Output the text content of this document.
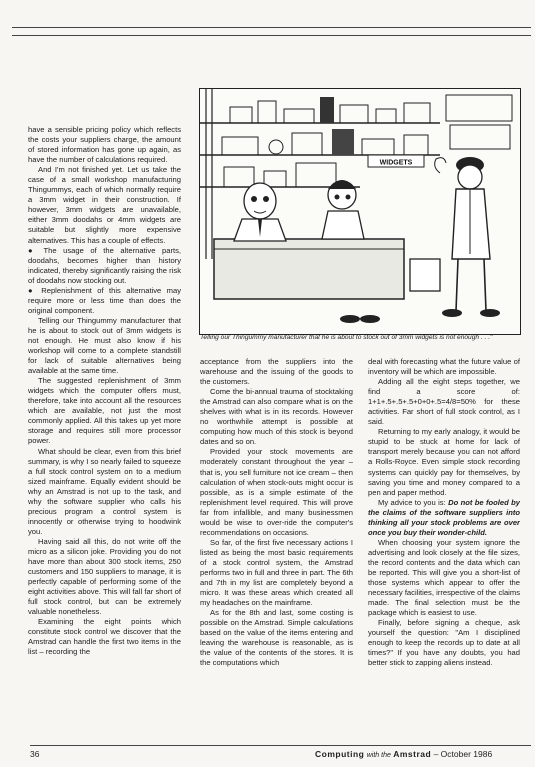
WIDGETS
Telling our Thingummy manufacturer that he is about to stock out of 3mm widgets is not enough . . ."

have a sensible pricing policy which reflects the costs your suppliers charge, the amount of stored information has gone up again, as have the number of calculations required.

And I'm not finished yet. Let us take the case of a small workshop manufacturing Thingummys, each of which normally require a 3mm widget in their construction. If however, 3mm widgets are unavailable, either 3mm doodahs or 4mm widgets are suitable but slightly more expensive alternatives. This has a couple of effects.

● The usage of the alternative parts, doodahs, becomes higher than history indicated, thereby significantly raising the risk of doodahs now stocking out.

● Replenishment of this alternative may require more or less time than does the original component.

Telling our Thingummy manufacturer that he is about to stock out of 3mm widgets is not enough. He must also know if his workshop will come to a complete standstill for lack of suitable alternatives being available at the same time.

The suggested replenishment of 3mm widgets which the computer offers must, therefore, take into account all the resources which are available, not just the most commonly applied. All this takes up yet more storage and requires still more processor power.

What should be clear, even from this brief summary, is why I so nearly failed to squeeze a full stock control system on to a medium sized mainframe. Equally evident should be why an Amstrad is not up to the task, and why the software supplier who calls his precious program a control system is innocently or otherwise trying to hoodwink you.

Having said all this, do not write off the micro as a silicon joke. Providing you do not have more than about 300 stock items, 250 customers and 150 suppliers to manage, it is perfectly capable of performing some of the eight activities above. This will fall far short of full stock control, but can be extremely valuable nonetheless.

Examining the eight points which constitute stock control we discover that the Amstrad can handle the first two items in the list – recording the

acceptance from the suppliers into the warehouse and the issuing of the goods to the customers.

Come the bi-annual trauma of stocktaking the Amstrad can also compare what is on the shelves with what is in its records. However no worthwhile attempt is possible at computing how much of this stock is beyond dates and so on.

Provided your stock movements are moderately constant throughout the year – that is, you sell furniture not ice cream – then calculation of when stock-outs might occur is possible, as is a simple estimate of the replenishment level required. This will prove far from infallible, and many businessmen would be wise to over-ride the computer's recommendations on occasions.

So far, of the first five necessary actions I listed as being the most basic requirements of a stock control system, the Amstrad performs two in full and three in part. The 6th and 7th in my list are completely beyond a micro. It was these areas which created all my headaches on the mainframe.

As for the 8th and last, some costing is possible on the Amstrad. Simple calculations based on the value of the items entering and leaving the warehouse is reasonable, as is the value of the contents of the stores. It is the computations which

deal with forecasting what the future value of inventory will be which are impossible.

Adding all the eight steps together, we find a score of: 1+1+.5+.5+.5+0+0+.5=4/8=50% for these activities. Far short of full stock control, as I said.

Returning to my early analogy, it would be stupid to be stuck at home for lack of transport merely because you can not afford a Rolls-Royce. Even simple stock recording systems can quickly pay for themselves, by saving you time and money compared to a pen and paper method.

My advice to you is: Do not be fooled by the claims of the software suppliers into thinking all your stock problems are over once you buy their wonder-child.

When choosing your system ignore the advertising and look closely at the file sizes, the record contents and the data which can be reported. This will give you a short-list of those systems which appear to offer the necessary facilities, irrespective of the claims made. The final selection must be the package which is easiest to use.

Finally, before signing a cheque, ask yourself the question: "Am I disciplined enough to keep the records up to date at all times?" If you have any doubts, you had better stick to zapping aliens instead.

36	Computing with the Amstrad – October 1986
